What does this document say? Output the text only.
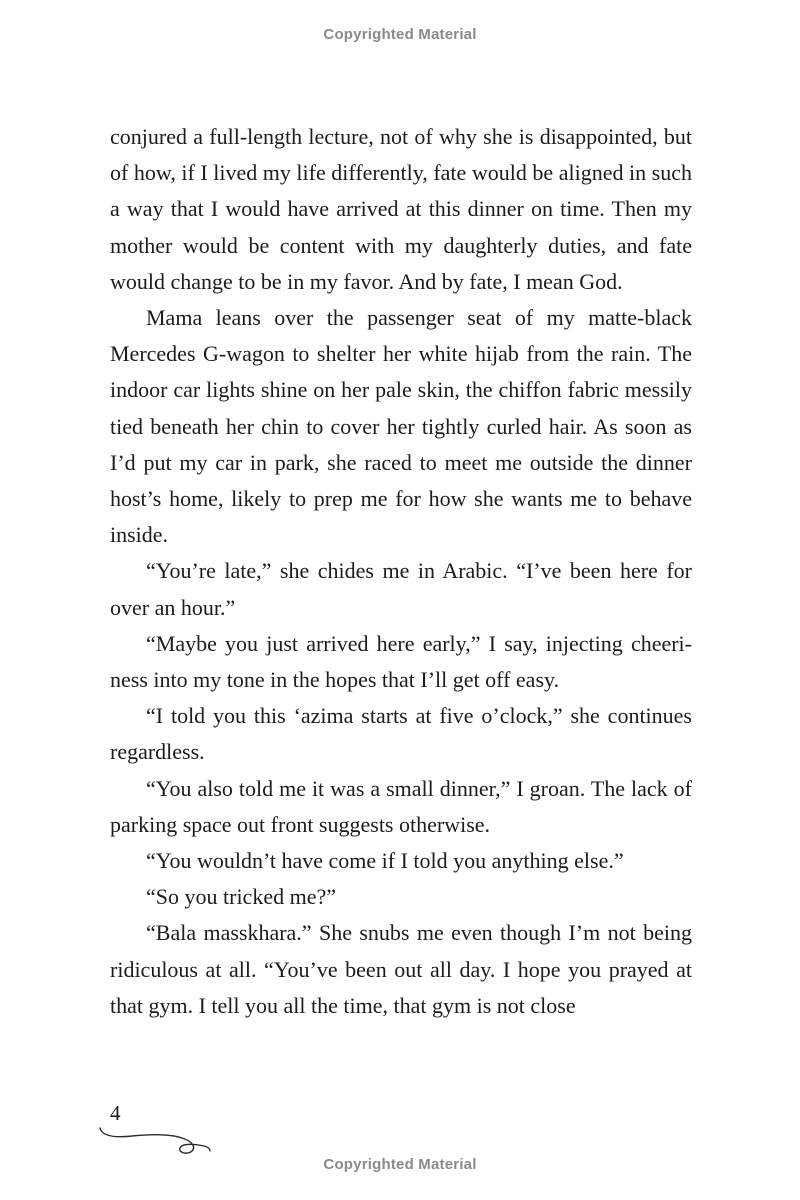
Copyrighted Material

conjured a full-length lecture, not of why she is disappointed, but of how, if I lived my life differently, fate would be aligned in such a way that I would have arrived at this dinner on time. Then my mother would be content with my daughterly duties, and fate would change to be in my favor. And by fate, I mean God.

Mama leans over the passenger seat of my matte-black Mercedes G-wagon to shelter her white hijab from the rain. The indoor car lights shine on her pale skin, the chiffon fabric messily tied beneath her chin to cover her tightly curled hair. As soon as I’d put my car in park, she raced to meet me outside the dinner host’s home, likely to prep me for how she wants me to behave inside.

“You’re late,” she chides me in Arabic. “I’ve been here for over an hour.”

“Maybe you just arrived here early,” I say, injecting cheeriness into my tone in the hopes that I’ll get off easy.

“I told you this ‘azima starts at five o’clock,” she continues regardless.

“You also told me it was a small dinner,” I groan. The lack of parking space out front suggests otherwise.

“You wouldn’t have come if I told you anything else.”

“So you tricked me?”

“Bala masskhara.” She snubs me even though I’m not being ridiculous at all. “You’ve been out all day. I hope you prayed at that gym. I tell you all the time, that gym is not close

4
Copyrighted Material
